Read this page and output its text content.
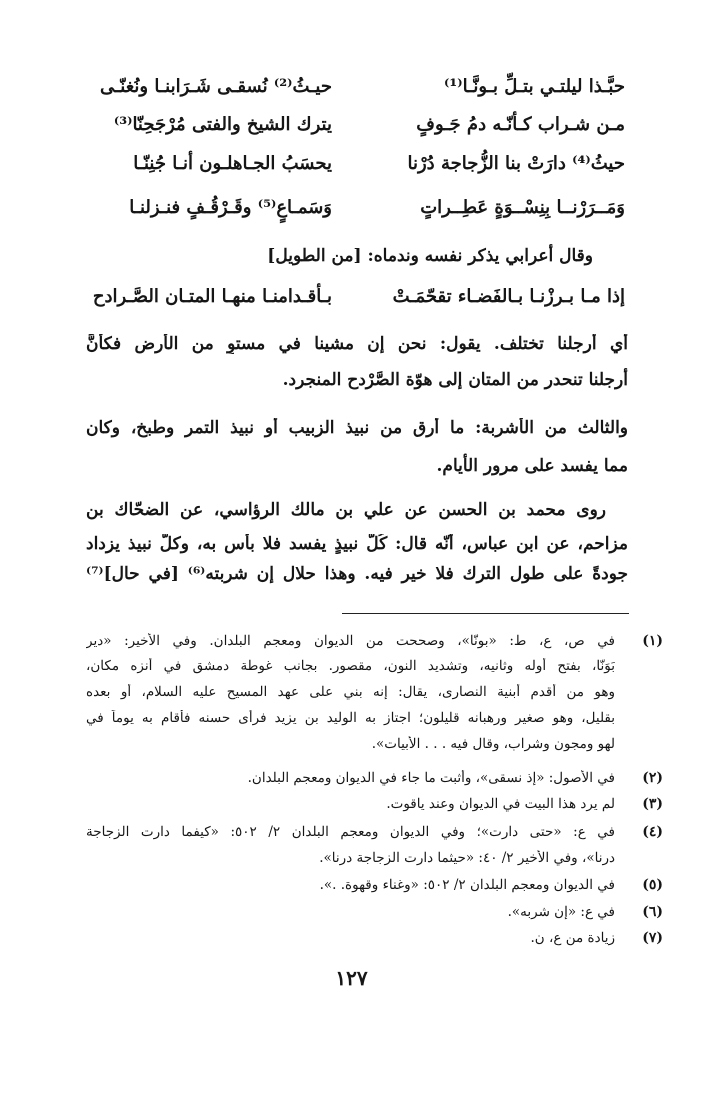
حبَّـذا ليلتـي بتـلِّ بـونَّـا⁽¹⁾
حيـثُ⁽²⁾ نُسقـى شَـرَابنـا ونُغنّـى
مـن شـراب كـأنّـه دمُ جَـوفٍ
يترك الشيخ والفتى مُرْجَحِنّا⁽³⁾
حيثُ⁽⁴⁾ دارَتْ بنا الزُّجاجة دُرْنا
يحسَبُ الجـاهلـون أنـا جُنِنّـا
وَمَــرَرْنــا بِنِسْــوَةٍ عَطِــراتٍ
وَسَمـاعٍ⁽⁵⁾ وقَـرْقُـفٍ فنـزلنـا
وقال أعرابي يذكر نفسه وندماه: [من الطويل]
إذا مـا بـرزْنـا بـالفَضـاء تقحّمَـتْ
بـأقـدامنـا منهـا المتـان الصَّـرادح
أي أرجلنا تختلف. يقول: نحن إن مشينا في مستوٍ من الأرض فكأنَّ
أرجلنا تنحدر من المتان إلى هوّة الصَّرْدح المنجرد.
والثالث من الأشربة: ما أرق من نبيذ الزبيب أو نبيذ التمر وطبخ، وكان
مما يفسد على مرور الأيام.
روى محمد بن الحسن عن علي بن مالك الرؤاسي، عن الضحّاك بن
مزاحم، عن ابن عباس، أنّه قال: كُلُّ نبيذٍ يفسد فلا بأس به، وكلّ نبيذ يزداد
جودةً على طول الترك فلا خير فيه. وهذا حلال إن شربته⁽⁶⁾ [في حال]⁽⁷⁾
(١)
في ص، ع، ط: «بونّا»، وصححت من الديوان ومعجم البلدان. وفي الأخير: «دير
بَوَنّا، بفتح أوله وثانيه، وتشديد النون، مقصور. بجانب غوطة دمشق في أنزه مكان،
وهو من أقدم أبنية النصارى، يقال: إنه بني على عهد المسيح عليه السلام، أو بعده
بقليل، وهو صغير ورهبانه قليلون؛ اجتاز به الوليد بن يزيد فرأى حسنه فأقام به يوماً في
لهو ومجون وشراب، وقال فيه . . . الأبيات».
(٢)
في الأصول: «إذ نسقى»، وأثبت ما جاء في الديوان ومعجم البلدان.
(٣)
لم يرد هذا البيت في الديوان وعند ياقوت.
(٤)
في ع: «حتى دارت»؛ وفي الديوان ومعجم البلدان ٢/ ٥٠٢: «كيفما دارت الزجاجة
درنا»، وفي الأخير ٢/ ٤٠: «حيثما دارت الزجاجة درنا».
(٥)
في الديوان ومعجم البلدان ٢/ ٥٠٢: «وغناء وقهوة. .».
(٦)
في ع: «إن شربه».
(٧)
زيادة من ع، ن.
١٢٧
